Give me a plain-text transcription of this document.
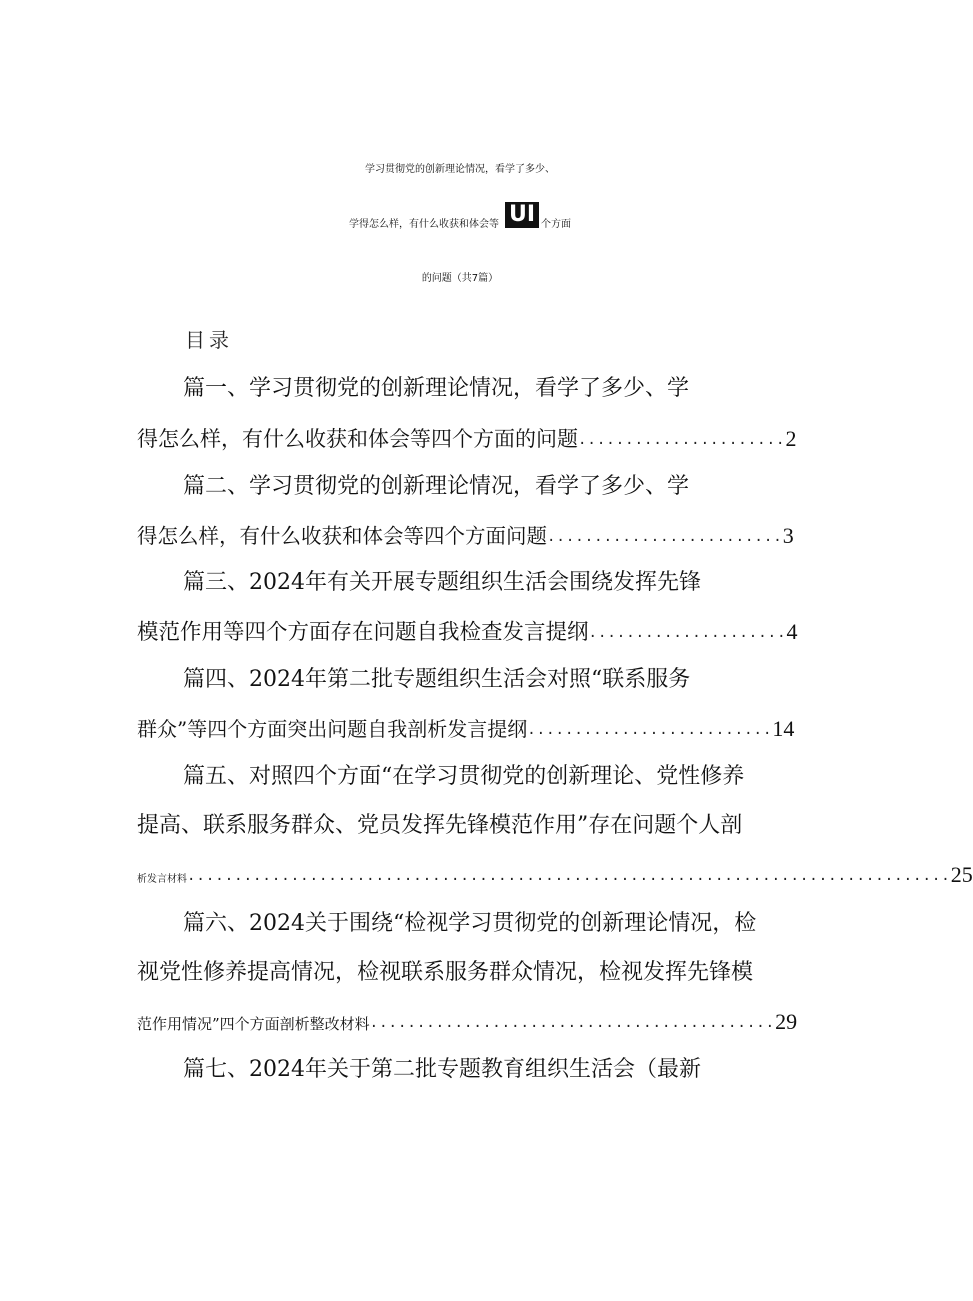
学习贯彻党的创新理论情况，看学了多少、
学得怎么样，有什么收获和体会等 UI 个方面
的问题（共7篇）
目录
篇一、学习贯彻党的创新理论情况，看学了多少、学
得怎么样，有什么收获和体会等四个方面的问题......................2
篇二、学习贯彻党的创新理论情况，看学了多少、学
得怎么样，有什么收获和体会等四个方面问题.........................3
篇三、2024年有关开展专题组织生活会围绕发挥先锋
模范作用等四个方面存在问题自我检查发言提纲.....................4
篇四、2024年第二批专题组织生活会对照“联系服务
群众”等四个方面突出问题自我剖析发言提纲..........................14
篇五、对照四个方面“在学习贯彻党的创新理论、党性修养
提高、联系服务群众、党员发挥先锋模范作用”存在问题个人剖
析发言材料.................................................................................25
篇六、2024关于围绕“检视学习贯彻党的创新理论情况，检
视党性修养提高情况，检视联系服务群众情况，检视发挥先锋模
范作用情况”四个方面剖析整改材料...........................................29
篇七、2024年关于第二批专题教育组织生活会（最新
